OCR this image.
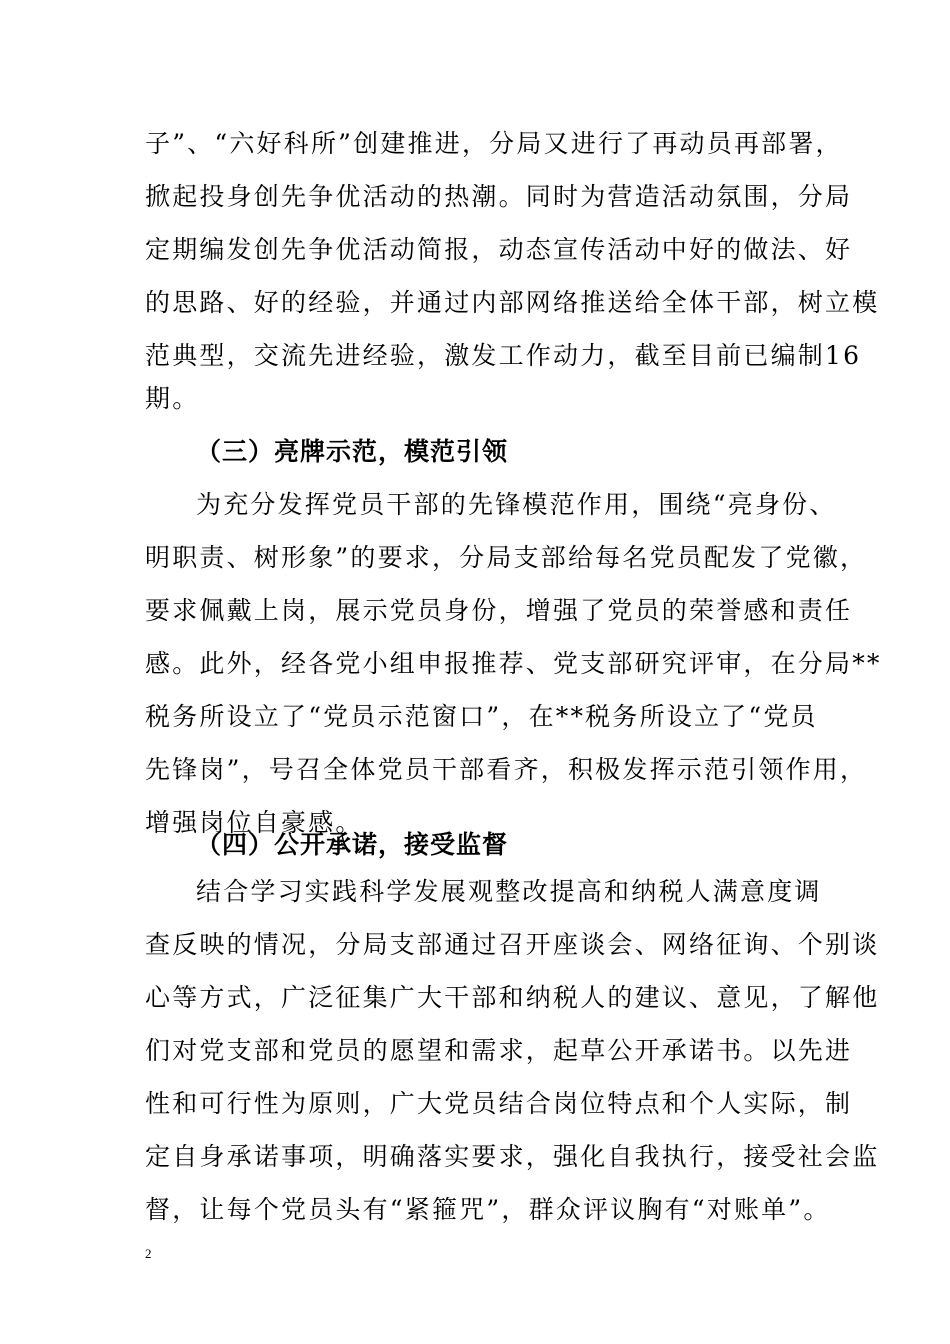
子”、“六好科所”创建推进，分局又进行了再动员再部署，
掀起投身创先争优活动的热潮。同时为营造活动氛围，分局
定期编发创先争优活动简报，动态宣传活动中好的做法、好
的思路、好的经验，并通过内部网络推送给全体干部，树立模
范典型，交流先进经验，激发工作动力，截至目前已编制16
期。
（三）亮牌示范，模范引领
为充分发挥党员干部的先锋模范作用，围绕“亮身份、
明职责、树形象”的要求，分局支部给每名党员配发了党徽，
要求佩戴上岗，展示党员身份，增强了党员的荣誉感和责任
感。此外，经各党小组申报推荐、党支部研究评审，在分局**
税务所设立了“党员示范窗口”，在**税务所设立了“党员
先锋岗”，号召全体党员干部看齐，积极发挥示范引领作用，
增强岗位自豪感。
（四）公开承诺，接受监督
结合学习实践科学发展观整改提高和纳税人满意度调
查反映的情况，分局支部通过召开座谈会、网络征询、个别谈
心等方式，广泛征集广大干部和纳税人的建议、意见，了解他
们对党支部和党员的愿望和需求，起草公开承诺书。以先进
性和可行性为原则，广大党员结合岗位特点和个人实际，制
定自身承诺事项，明确落实要求，强化自我执行，接受社会监
2
督，让每个党员头有“紧箍咒”，群众评议胸有“对账单”。
